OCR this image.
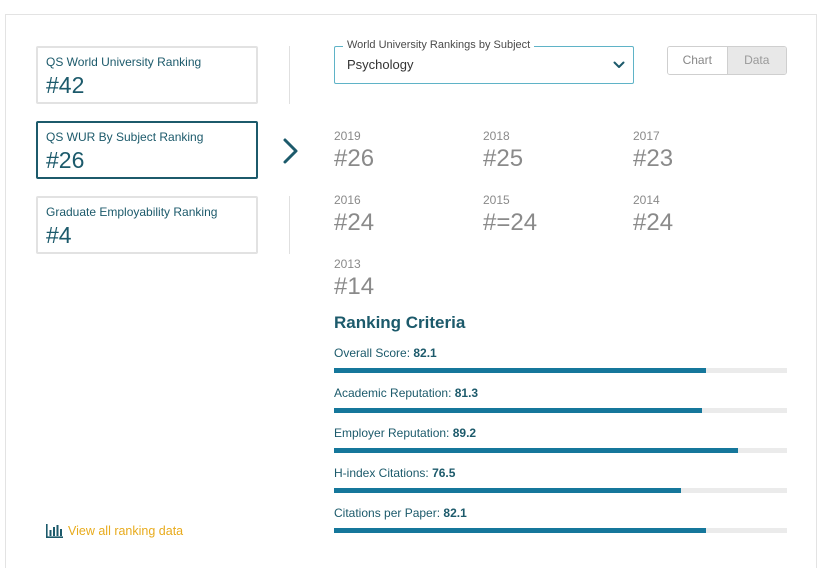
QS World University Ranking
#42
QS WUR By Subject Ranking
#26
Graduate Employability Ranking
#4
World University Rankings by Subject
Psychology	Chart	Data
2019
#26
2018
#25
2017
#23
2016
#24
2015
#=24
2014
#24
2013
#14
Ranking Criteria
Overall Score: 82.1
Academic Reputation: 81.3
Employer Reputation: 89.2
H-index Citations: 76.5
Citations per Paper: 82.1
View all ranking data
